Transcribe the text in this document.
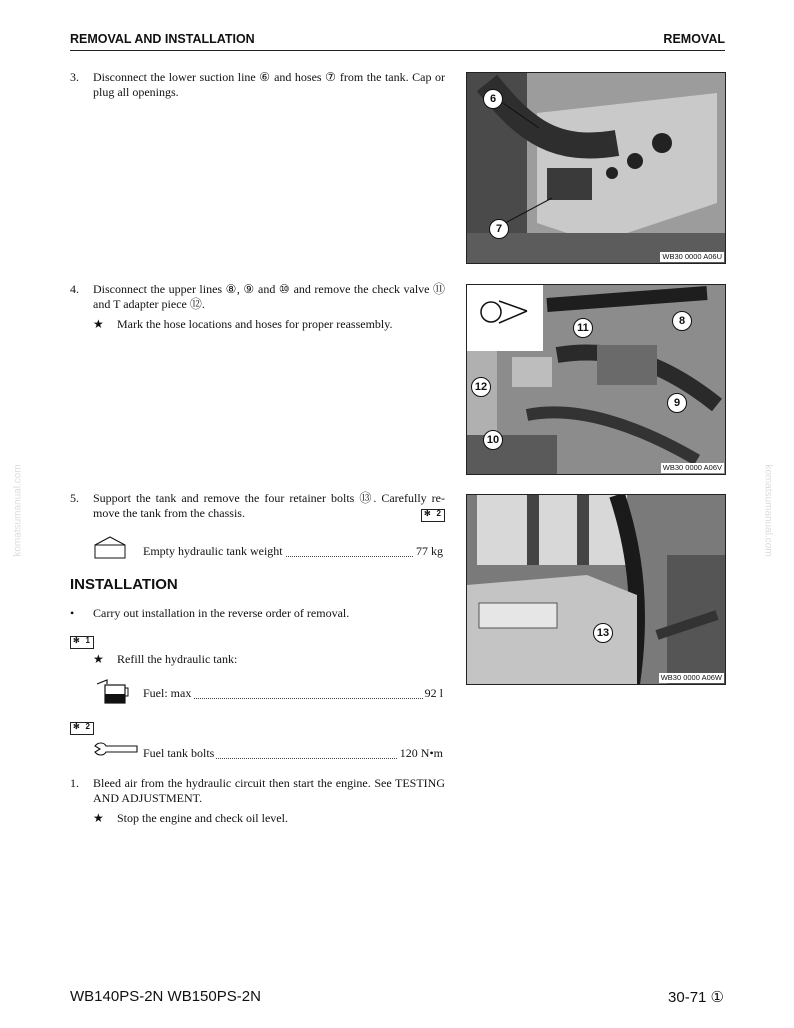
REMOVAL AND INSTALLATION	REMOVAL
3. Disconnect the lower suction line ⑥ and hoses ⑦ from the tank. Cap or plug all openings.
4. Disconnect the upper lines ⑧, ⑨ and ⑩ and remove the check valve ⑪ and T adapter piece ⑫.
★ Mark the hose locations and hoses for proper reassembly.
5. Support the tank and remove the four retainer bolts ⑬. Carefully re-move the tank from the chassis.	✻ 2
Empty hydraulic tank weight	77 kg
INSTALLATION
• Carry out installation in the reverse order of removal.
✻ 1
★ Refill the hydraulic tank:
Fuel: max	92 l
✻ 2
Fuel tank bolts	120 N•m
1. Bleed air from the hydraulic circuit then start the engine. See TESTING AND ADJUSTMENT.
★ Stop the engine and check oil level.
6
7
WB30 0000 A06U
11
8
12
9
10
WB30 0000 A06V
13
WB30 0000 A06W
komatsumanual.com	komatsumanual.com
WB140PS-2N WB150PS-2N	30-71 ①
